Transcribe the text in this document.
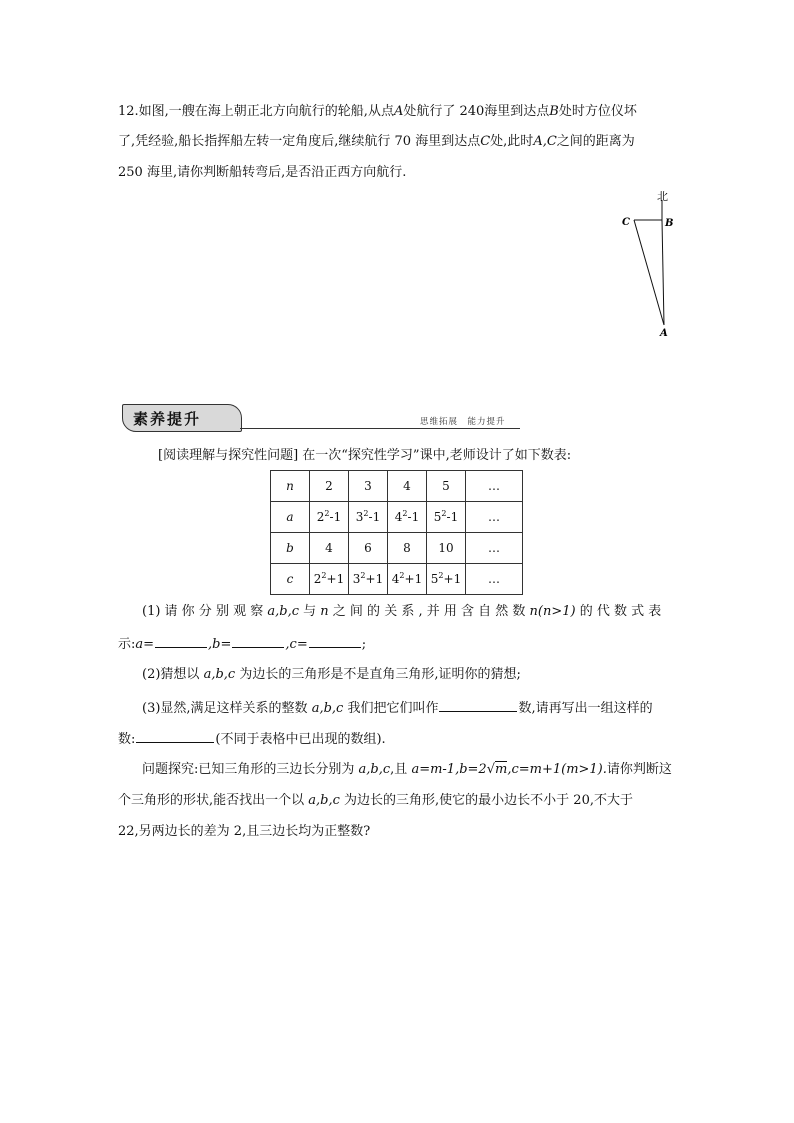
12.如图,一艘在海上朝正北方向航行的轮船,从点A处航行了 240海里到达点B处时方位仪坏
了,凭经验,船长指挥船左转一定角度后,继续航行 70 海里到达点C处,此时A,C之间的距离为
250 海里,请你判断船转弯后,是否沿正西方向航行.
北
C	B
A
素养提升	思维拓展　能力提升
[阅读理解与探究性问题] 在一次“探究性学习”课中,老师设计了如下数表:
n	2	3	4	5	…
a	$2^2-1$	$3^2-1$	$4^2-1$	$5^2-1$	…
b	4	6	8	10	…
c	$2^2+1$	$3^2+1$	$4^2+1$	$5^2+1$	…
(1) 请 你 分 别 观 察 a,b,c 与 n 之 间 的 关 系 , 并 用 含 自 然 数 n(n>1) 的 代 数 式 表
示:a=	,b=	,c=	;
(2)猜想以 a,b,c 为边长的三角形是不是直角三角形,证明你的猜想;
(3)显然,满足这样关系的整数 a,b,c 我们把它们叫作	数,请再写出一组这样的
数:	(不同于表格中已出现的数组).
问题探究:已知三角形的三边长分别为 a,b,c,且 a=m-1,b=2√m,c=m+1(m>1).请你判断这
个三角形的形状,能否找出一个以 a,b,c 为边长的三角形,使它的最小边长不小于 20,不大于
22,另两边长的差为 2,且三边长均为正整数?
